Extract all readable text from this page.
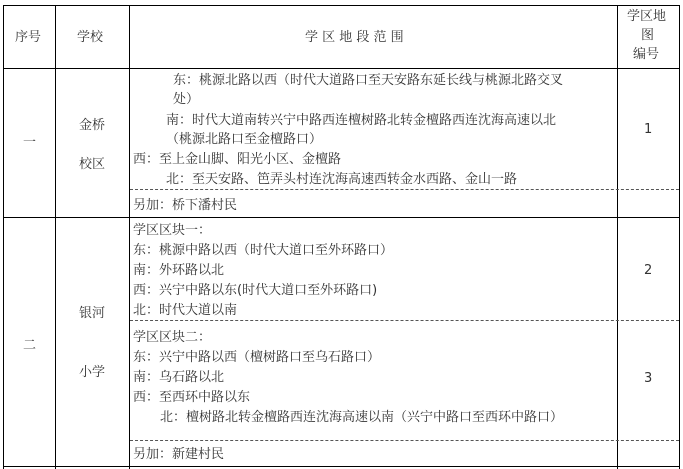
序号	学校	学 区 地 段 范 围
学区地
图
编号
一
金桥
校区
东：桃源北路以西（时代大道路口至天安路东延长线与桃源北路交叉
处）
南：时代大道南转兴宁中路西连檀树路北转金檀路西连沈海高速以北
（桃源北路口至金檀路口）
西：至上金山脚、阳光小区、金檀路
北：至天安路、笆弄头村连沈海高速西转金水西路、金山一路
1
另加：桥下潘村民
二
银河
小学
学区区块一：
东：桃源中路以西（时代大道口至外环路口）
南：外环路以北
西：兴宁中路以东(时代大道口至外环路口)
北：时代大道以南
2
学区区块二：
东：兴宁中路以西（檀树路口至乌石路口）
南：乌石路以北
西：至西环中路以东
北：檀树路北转金檀路西连沈海高速以南（兴宁中路口至西环中路口）
3
另加：新建村民
